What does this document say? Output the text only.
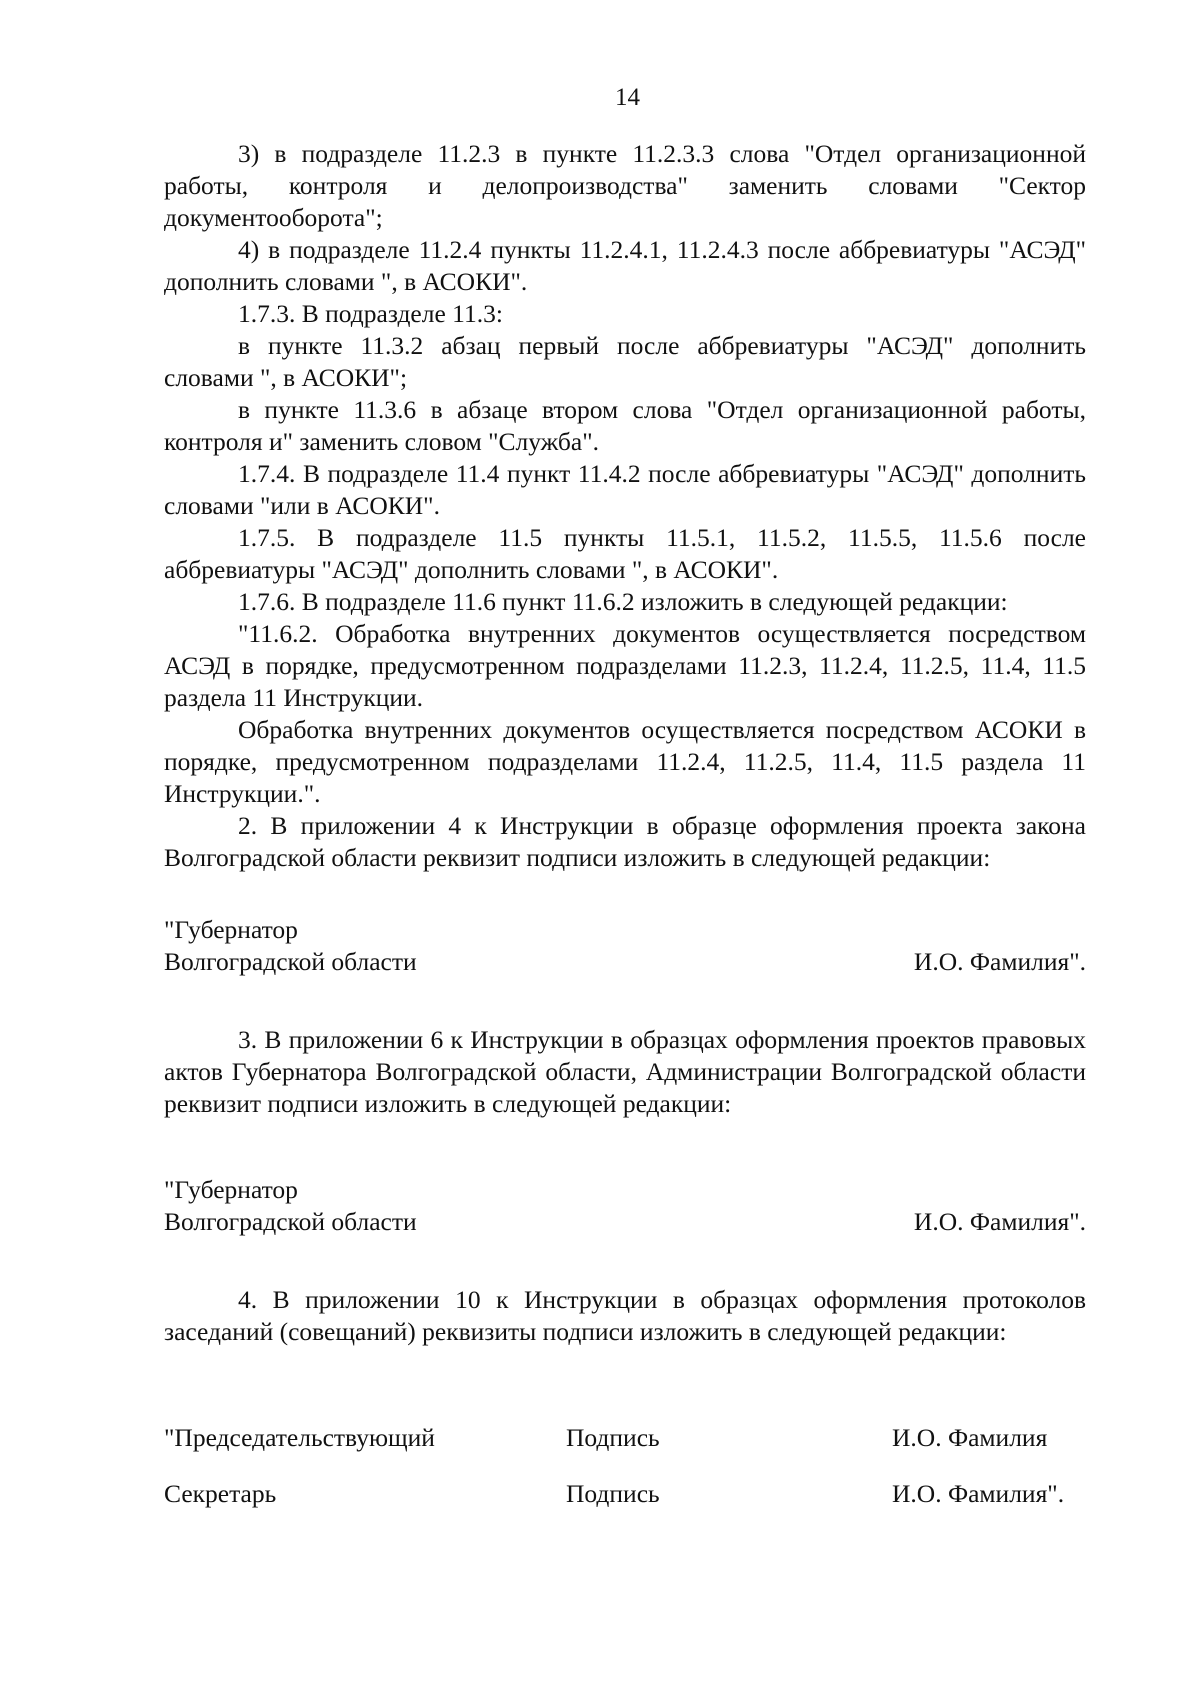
14

3) в подразделе 11.2.3 в пункте 11.2.3.3 слова "Отдел организационной работы, контроля и делопроизводства" заменить словами "Сектор документооборота";

4) в подразделе 11.2.4 пункты 11.2.4.1, 11.2.4.3 после аббревиатуры "АСЭД" дополнить словами ", в АСОКИ".

1.7.3. В подразделе 11.3:

в пункте 11.3.2 абзац первый после аббревиатуры "АСЭД" дополнить словами ", в АСОКИ";

в пункте 11.3.6 в абзаце втором слова "Отдел организационной работы, контроля и" заменить словом "Служба".

1.7.4. В подразделе 11.4 пункт 11.4.2 после аббревиатуры "АСЭД" дополнить словами "или в АСОКИ".

1.7.5. В подразделе 11.5 пункты 11.5.1, 11.5.2, 11.5.5, 11.5.6 после аббревиатуры "АСЭД" дополнить словами ", в АСОКИ".

1.7.6. В подразделе 11.6 пункт 11.6.2 изложить в следующей редакции:

"11.6.2. Обработка внутренних документов осуществляется посредством АСЭД в порядке, предусмотренном подразделами 11.2.3, 11.2.4, 11.2.5, 11.4, 11.5 раздела 11 Инструкции.

Обработка внутренних документов осуществляется посредством АСОКИ в порядке, предусмотренном подразделами 11.2.4, 11.2.5, 11.4, 11.5 раздела 11 Инструкции.".

2. В приложении 4 к Инструкции в образце оформления проекта закона Волгоградской области реквизит подписи изложить в следующей редакции:

"Губернатор
Волгоградской области	И.О. Фамилия".

3. В приложении 6 к Инструкции в образцах оформления проектов правовых актов Губернатора Волгоградской области, Администрации Волгоградской области реквизит подписи изложить в следующей редакции:

"Губернатор
Волгоградской области	И.О. Фамилия".

4. В приложении 10 к Инструкции в образцах оформления протоколов заседаний (совещаний) реквизиты подписи изложить в следующей редакции:

"Председательствующий	Подпись	И.О. Фамилия
Секретарь	Подпись	И.О. Фамилия".
